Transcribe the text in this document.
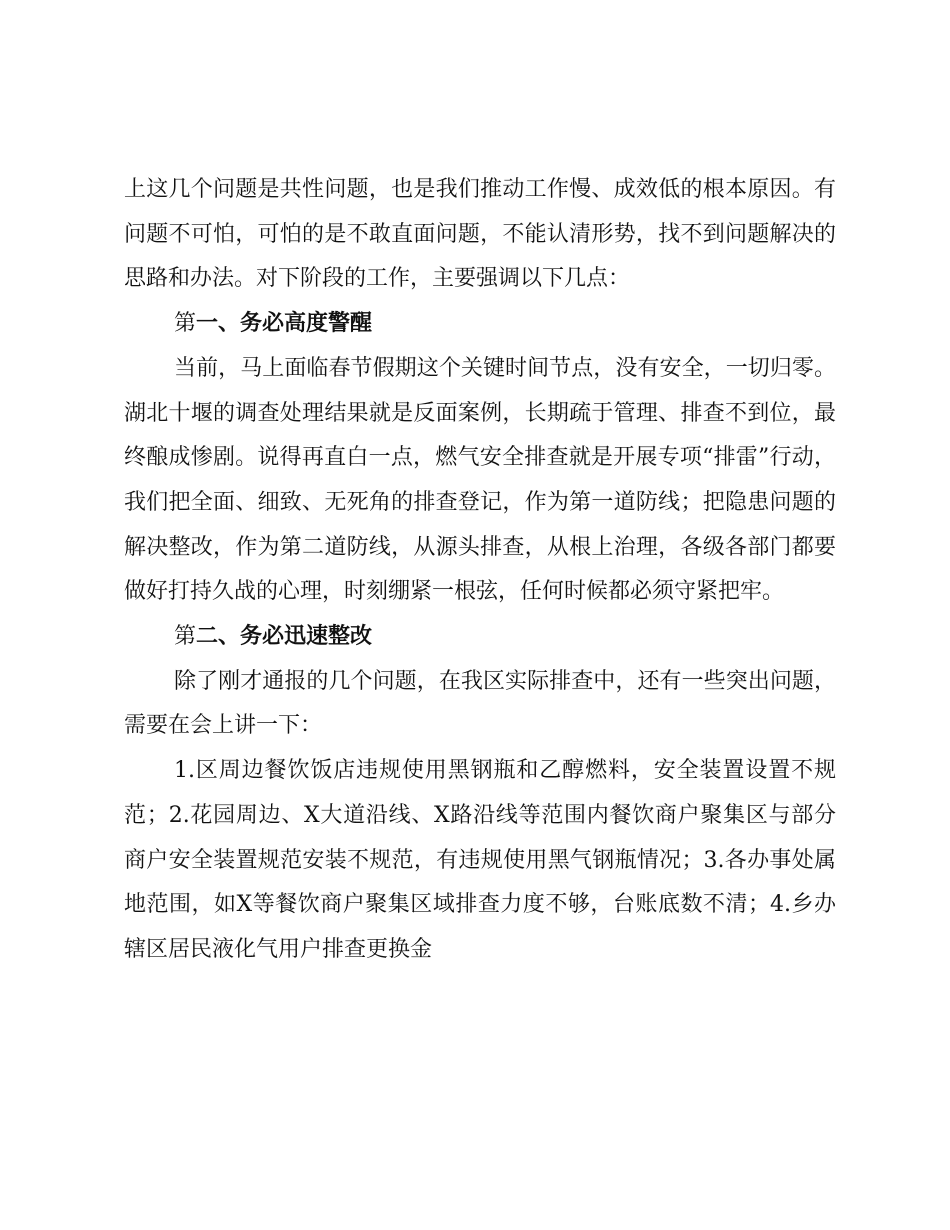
上这几个问题是共性问题，也是我们推动工作慢、成效低的根本原因。有问题不可怕，可怕的是不敢直面问题，不能认清形势，找不到问题解决的思路和办法。对下阶段的工作，主要强调以下几点：

第一、务必高度警醒

当前，马上面临春节假期这个关键时间节点，没有安全，一切归零。湖北十堰的调查处理结果就是反面案例，长期疏于管理、排查不到位，最终酿成惨剧。说得再直白一点，燃气安全排查就是开展专项“排雷”行动，我们把全面、细致、无死角的排查登记，作为第一道防线；把隐患问题的解决整改，作为第二道防线，从源头排查，从根上治理，各级各部门都要做好打持久战的心理，时刻绷紧一根弦，任何时候都必须守紧把牢。

第二、务必迅速整改

除了刚才通报的几个问题，在我区实际排查中，还有一些突出问题，需要在会上讲一下：

1.区周边餐饮饭店违规使用黑钢瓶和乙醇燃料，安全装置设置不规范；2.花园周边、X大道沿线、X路沿线等范围内餐饮商户聚集区与部分商户安全装置规范安装不规范，有违规使用黑气钢瓶情况；3.各办事处属地范围，如X等餐饮商户聚集区域排查力度不够，台账底数不清；4.乡办辖区居民液化气用户排查更换金
